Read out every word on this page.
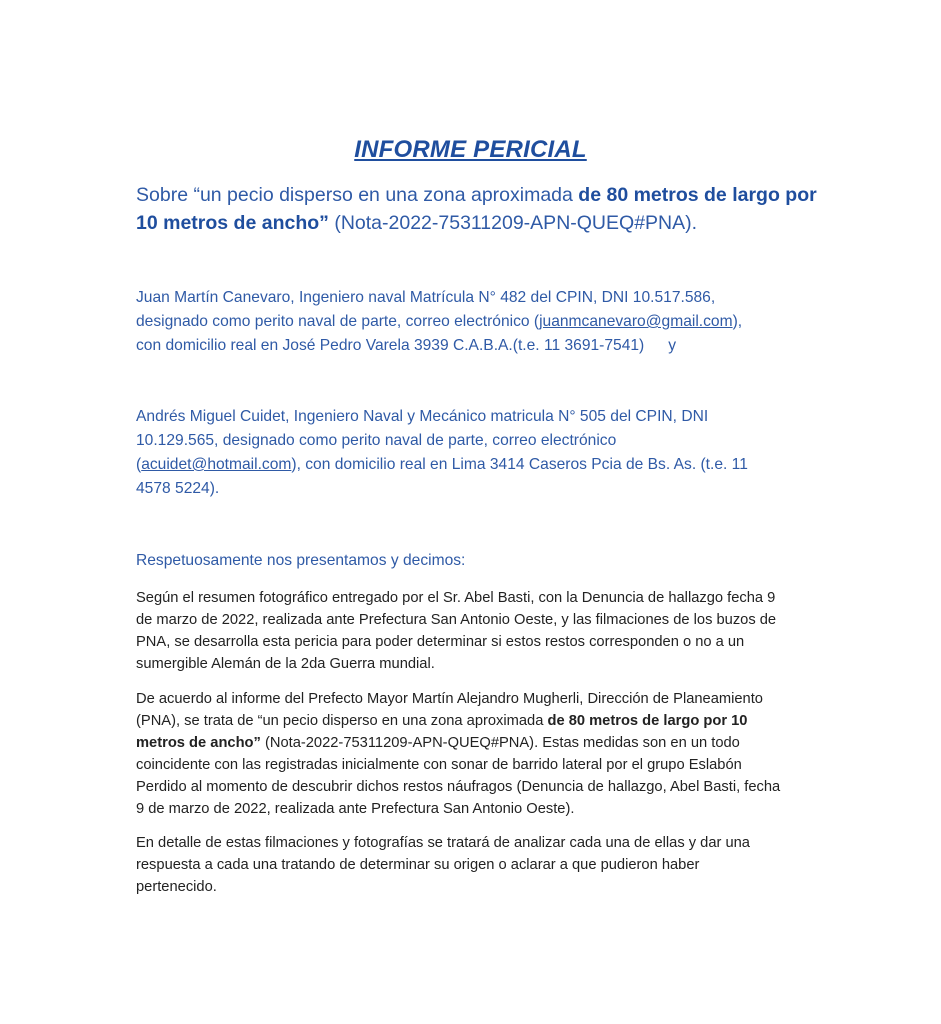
INFORME PERICIAL
Sobre “un pecio disperso en una zona aproximada de 80 metros de largo por 10 metros de ancho” (Nota-2022-75311209-APN-QUEQ#PNA).
Juan Martín Canevaro, Ingeniero naval Matrícula N° 482 del CPIN, DNI 10.517.586,
designado como perito naval de parte, correo electrónico (juanmcanevaro@gmail.com),
con domicilio real en José Pedro Varela 3939 C.A.B.A.(t.e. 11 3691-7541) y
Andrés Miguel Cuidet, Ingeniero Naval y Mecánico matricula N° 505 del CPIN, DNI
10.129.565, designado como perito naval de parte, correo electrónico
(acuidet@hotmail.com), con domicilio real en Lima 3414 Caseros Pcia de Bs. As. (t.e. 11
4578 5224).
Respetuosamente nos presentamos y decimos:
Según el resumen fotográfico entregado por el Sr. Abel Basti, con la Denuncia de hallazgo fecha 9
de marzo de 2022, realizada ante Prefectura San Antonio Oeste, y las filmaciones de los buzos de
PNA, se desarrolla esta pericia para poder determinar si estos restos corresponden o no a un
sumergible Alemán de la 2da Guerra mundial.
De acuerdo al informe del Prefecto Mayor Martín Alejandro Mugherli, Dirección de Planeamiento
(PNA), se trata de “un pecio disperso en una zona aproximada de 80 metros de largo por 10
metros de ancho” (Nota-2022-75311209-APN-QUEQ#PNA). Estas medidas son en un todo
coincidente con las registradas inicialmente con sonar de barrido lateral por el grupo Eslabón
Perdido al momento de descubrir dichos restos náufragos (Denuncia de hallazgo, Abel Basti, fecha
9 de marzo de 2022, realizada ante Prefectura San Antonio Oeste).
En detalle de estas filmaciones y fotografías se tratará de analizar cada una de ellas y dar una
respuesta a cada una tratando de determinar su origen o aclarar a que pudieron haber
pertenecido.
